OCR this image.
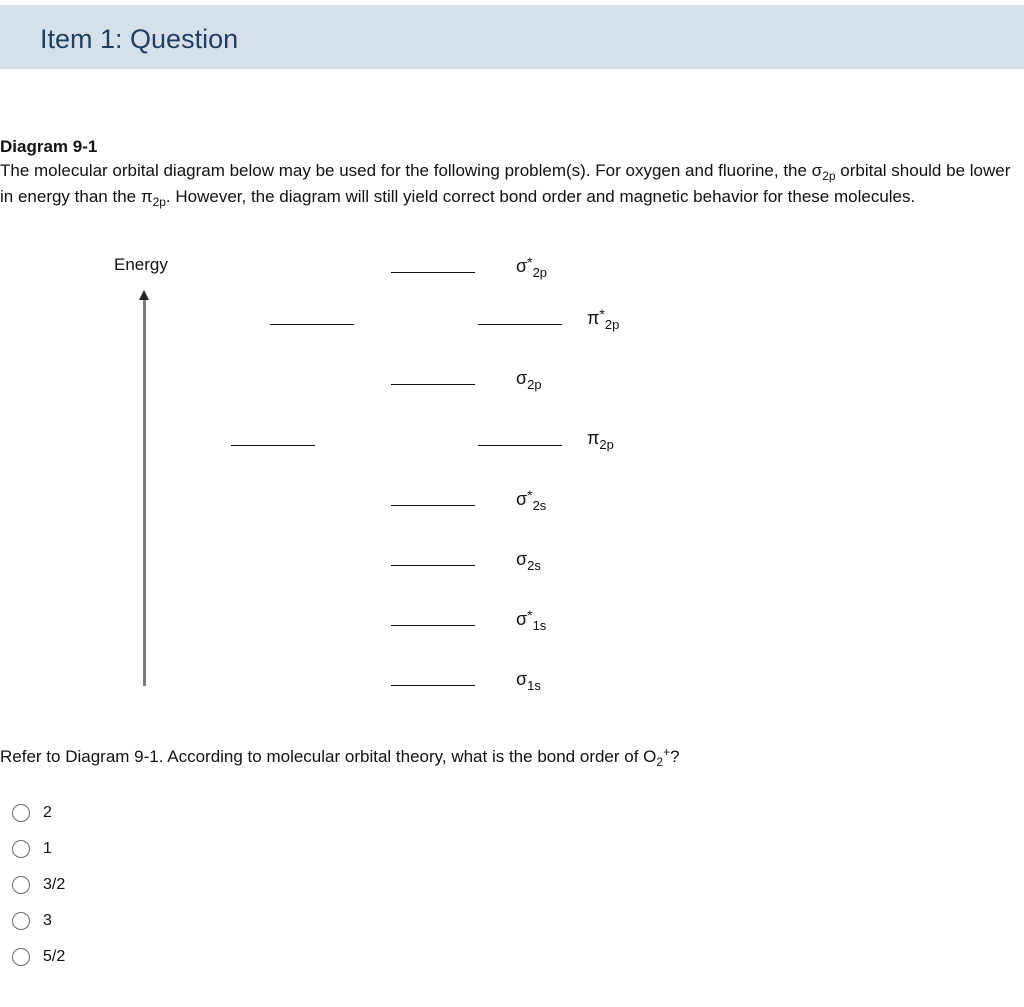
Item 1: Question
Diagram 9-1
The molecular orbital diagram below may be used for the following problem(s). For oxygen and fluorine, the $\sigma_{2p}$ orbital should be lower in energy than the $\pi_{2p}$. However, the diagram will still yield correct bond order and magnetic behavior for these molecules.
Energy	$\sigma^*_{2p}$
$\pi^*_{2p}$
$\sigma_{2p}$
$\pi_{2p}$
$\sigma^*_{2s}$
$\sigma_{2s}$
$\sigma^*_{1s}$
$\sigma_{1s}$
Refer to Diagram 9-1. According to molecular orbital theory, what is the bond order of $O_2^+$?
2
1
3/2
3
5/2
